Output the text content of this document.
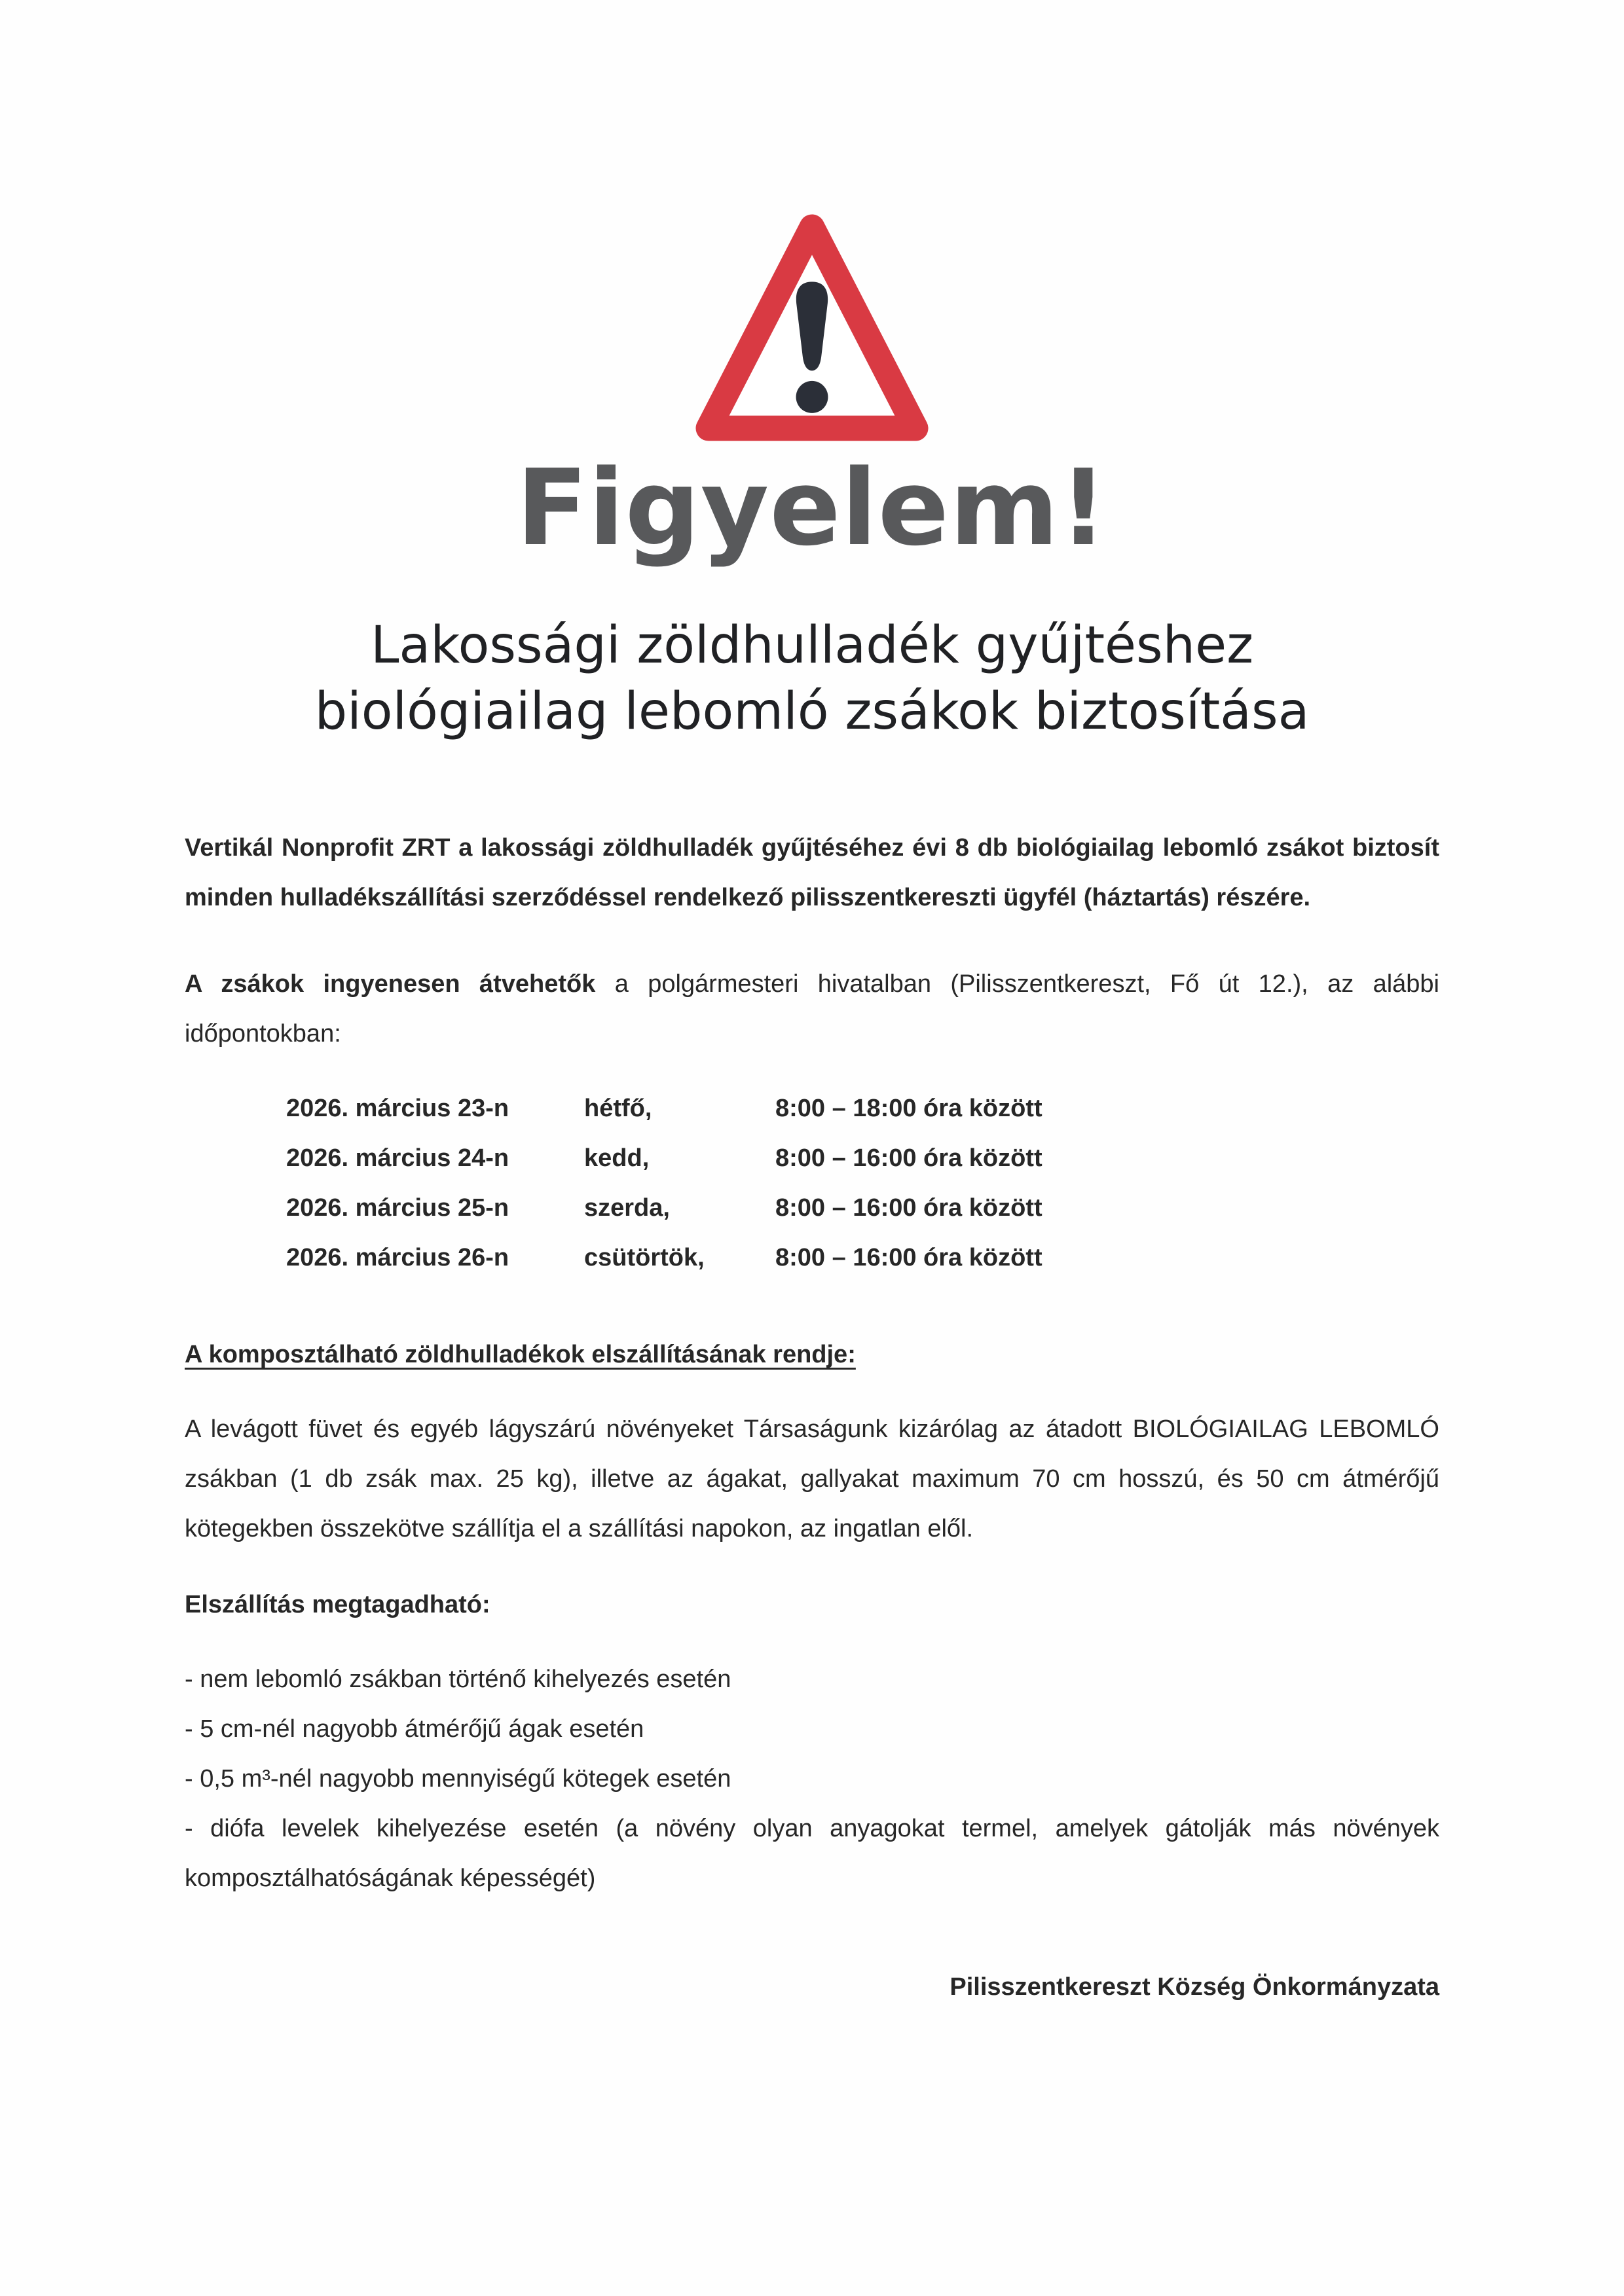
Figyelem!
Lakossági zöldhulladék gyűjtéshez
biológiailag lebomló zsákok biztosítása

Vertikál Nonprofit ZRT a lakossági zöldhulladék gyűjtéséhez évi 8 db biológiailag lebomló zsákot biztosít minden hulladékszállítási szerződéssel rendelkező pilisszentkereszti ügyfél (háztartás) részére.

A zsákok ingyenesen átvehetők a polgármesteri hivatalban (Pilisszentkereszt, Fő út 12.), az alábbi időpontokban:

2026. március 23-n	hétfő,	8:00 – 18:00 óra között
2026. március 24-n	kedd,	8:00 – 16:00 óra között
2026. március 25-n	szerda,	8:00 – 16:00 óra között
2026. március 26-n	csütörtök,	8:00 – 16:00 óra között

A komposztálható zöldhulladékok elszállításának rendje:

A levágott füvet és egyéb lágyszárú növényeket Társaságunk kizárólag az átadott BIOLÓGIAILAG LEBOMLÓ zsákban (1 db zsák max. 25 kg), illetve az ágakat, gallyakat maximum 70 cm hosszú, és 50 cm átmérőjű kötegekben összekötve szállítja el a szállítási napokon, az ingatlan elől.

Elszállítás megtagadható:

- nem lebomló zsákban történő kihelyezés esetén
- 5 cm-nél nagyobb átmérőjű ágak esetén
- 0,5 m³-nél nagyobb mennyiségű kötegek esetén
- diófa levelek kihelyezése esetén (a növény olyan anyagokat termel, amelyek gátolják más növények komposztálhatóságának képességét)

Pilisszentkereszt Község Önkormányzata
